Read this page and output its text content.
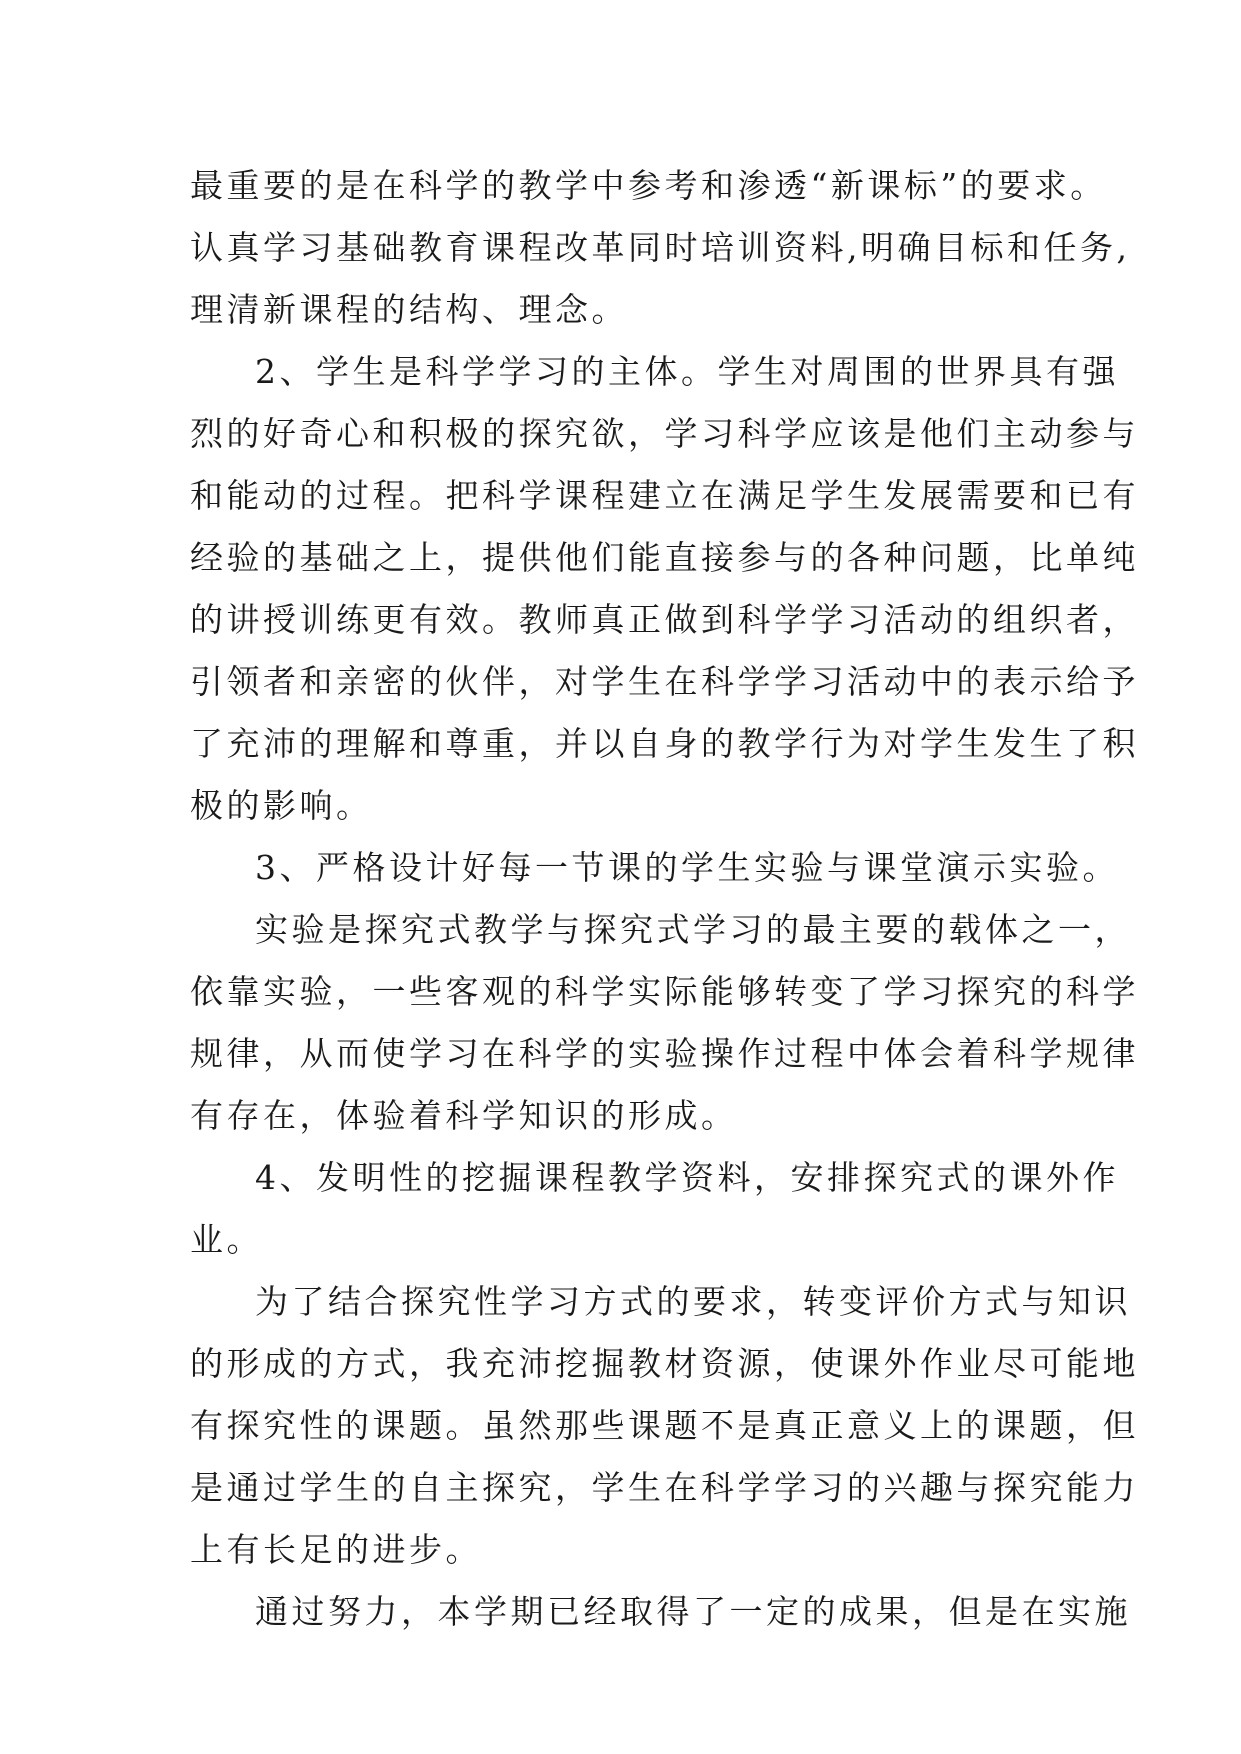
最重要的是在科学的教学中参考和渗透“新课标”的要求。
认真学习基础教育课程改革同时培训资料,明确目标和任务,
理清新课程的结构、理念。
2、学生是科学学习的主体。学生对周围的世界具有强
烈的好奇心和积极的探究欲，学习科学应该是他们主动参与
和能动的过程。把科学课程建立在满足学生发展需要和已有
经验的基础之上，提供他们能直接参与的各种问题，比单纯
的讲授训练更有效。教师真正做到科学学习活动的组织者，
引领者和亲密的伙伴，对学生在科学学习活动中的表示给予
了充沛的理解和尊重，并以自身的教学行为对学生发生了积
极的影响。
3、严格设计好每一节课的学生实验与课堂演示实验。
实验是探究式教学与探究式学习的最主要的载体之一，
依靠实验，一些客观的科学实际能够转变了学习探究的科学
规律，从而使学习在科学的实验操作过程中体会着科学规律
有存在，体验着科学知识的形成。
4、发明性的挖掘课程教学资料，安排探究式的课外作
业。
为了结合探究性学习方式的要求，转变评价方式与知识
的形成的方式，我充沛挖掘教材资源，使课外作业尽可能地
有探究性的课题。虽然那些课题不是真正意义上的课题，但
是通过学生的自主探究，学生在科学学习的兴趣与探究能力
上有长足的进步。
通过努力，本学期已经取得了一定的成果，但是在实施
